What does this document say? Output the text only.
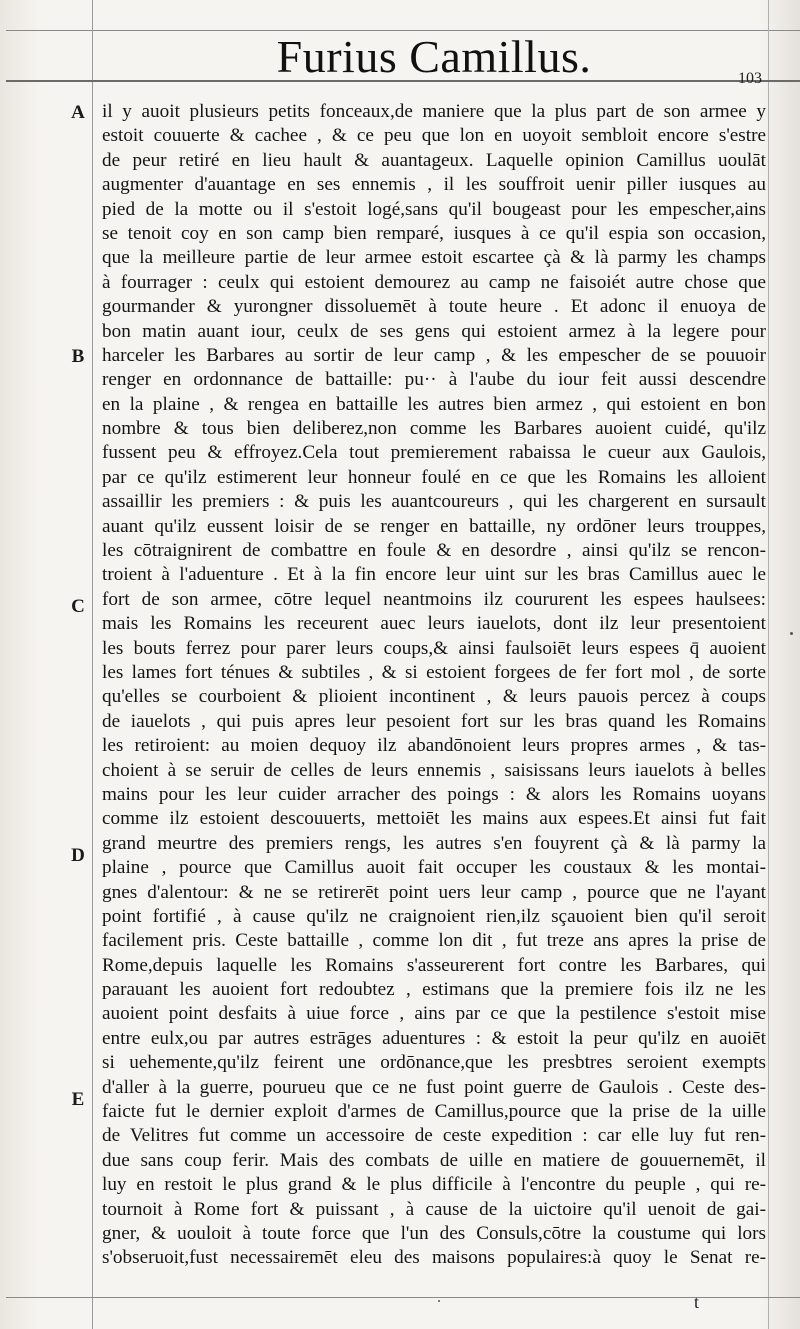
Furius Camillus.	103
A
B
C
D
E
il y auoit plusieurs petits fonceaux,de maniere que la plus part de son armee y
estoit couuerte & cachee , & ce peu que lon en uoyoit sembloit encore s'estre
de peur retiré en lieu hault & auantageux. Laquelle opinion Camillus uoulāt
augmenter d'auantage en ses ennemis , il les souffroit uenir piller iusques au
pied de la motte ou il s'estoit logé,sans qu'il bougeast pour les empescher,ains
se tenoit coy en son camp bien remparé, iusques à ce qu'il espia son occasion,
que la meilleure partie de leur armee estoit escartee çà & là parmy les champs
à fourrager : ceulx qui estoient demourez au camp ne faisoiét autre chose que
gourmander & yurongner dissoluemēt à toute heure . Et adonc il enuoya de
bon matin auant iour, ceulx de ses gens qui estoient armez à la legere pour
harceler les Barbares au sortir de leur camp , & les empescher de se pouuoir
renger en ordonnance de battaille: pu·· à l'aube du iour feit aussi descendre
en la plaine , & rengea en battaille les autres bien armez , qui estoient en bon
nombre & tous bien deliberez,non comme les Barbares auoient cuidé, qu'ilz
fussent peu & effroyez.Cela tout premierement rabaissa le cueur aux Gaulois,
par ce qu'ilz estimerent leur honneur foulé en ce que les Romains les alloient
assaillir les premiers : & puis les auantcoureurs , qui les chargerent en sursault
auant qu'ilz eussent loisir de se renger en battaille, ny ordōner leurs trouppes,
les cōtraignirent de combattre en foule & en desordre , ainsi qu'ilz se rencon-
troient à l'aduenture . Et à la fin encore leur uint sur les bras Camillus auec le
fort de son armee, cōtre lequel neantmoins ilz coururent les espees haulsees:
mais les Romains les receurent auec leurs iauelots, dont ilz leur presentoient
les bouts ferrez pour parer leurs coups,& ainsi faulsoiēt leurs espees q̄ auoient
les lames fort ténues & subtiles , & si estoient forgees de fer fort mol , de sorte
qu'elles se courboient & plioient incontinent , & leurs pauois percez à coups
de iauelots , qui puis apres leur pesoient fort sur les bras quand les Romains
les retiroient: au moien dequoy ilz abandōnoient leurs propres armes , & tas-
choient à se seruir de celles de leurs ennemis , saisissans leurs iauelots à belles
mains pour les leur cuider arracher des poings : & alors les Romains uoyans
comme ilz estoient descouuerts, mettoiēt les mains aux espees.Et ainsi fut fait
grand meurtre des premiers rengs, les autres s'en fouyrent çà & là parmy la
plaine , pource que Camillus auoit fait occuper les coustaux & les montai-
gnes d'alentour: & ne se retirerēt point uers leur camp , pource que ne l'ayant
point fortifié , à cause qu'ilz ne craignoient rien,ilz sçauoient bien qu'il seroit
facilement pris. Ceste battaille , comme lon dit , fut treze ans apres la prise de
Rome,depuis laquelle les Romains s'asseurerent fort contre les Barbares, qui
parauant les auoient fort redoubtez , estimans que la premiere fois ilz ne les
auoient point desfaits à uiue force , ains par ce que la pestilence s'estoit mise
entre eulx,ou par autres estrāges aduentures : & estoit la peur qu'ilz en auoiēt
si uehemente,qu'ilz feirent une ordōnance,que les presbtres seroient exempts
d'aller à la guerre, pourueu que ce ne fust point guerre de Gaulois . Ceste des-
faicte fut le dernier exploit d'armes de Camillus,pource que la prise de la uille
de Velitres fut comme un accessoire de ceste expedition : car elle luy fut ren-
due sans coup ferir. Mais des combats de uille en matiere de gouuernemēt, il
luy en restoit le plus grand & le plus difficile à l'encontre du peuple , qui re-
tournoit à Rome fort & puissant , à cause de la uictoire qu'il uenoit de gai-
gner, & uouloit à toute force que l'un des Consuls,cōtre la coustume qui lors
s'obseruoit,fust necessairemēt eleu des maisons populaires:à quoy le Senat re-
t
